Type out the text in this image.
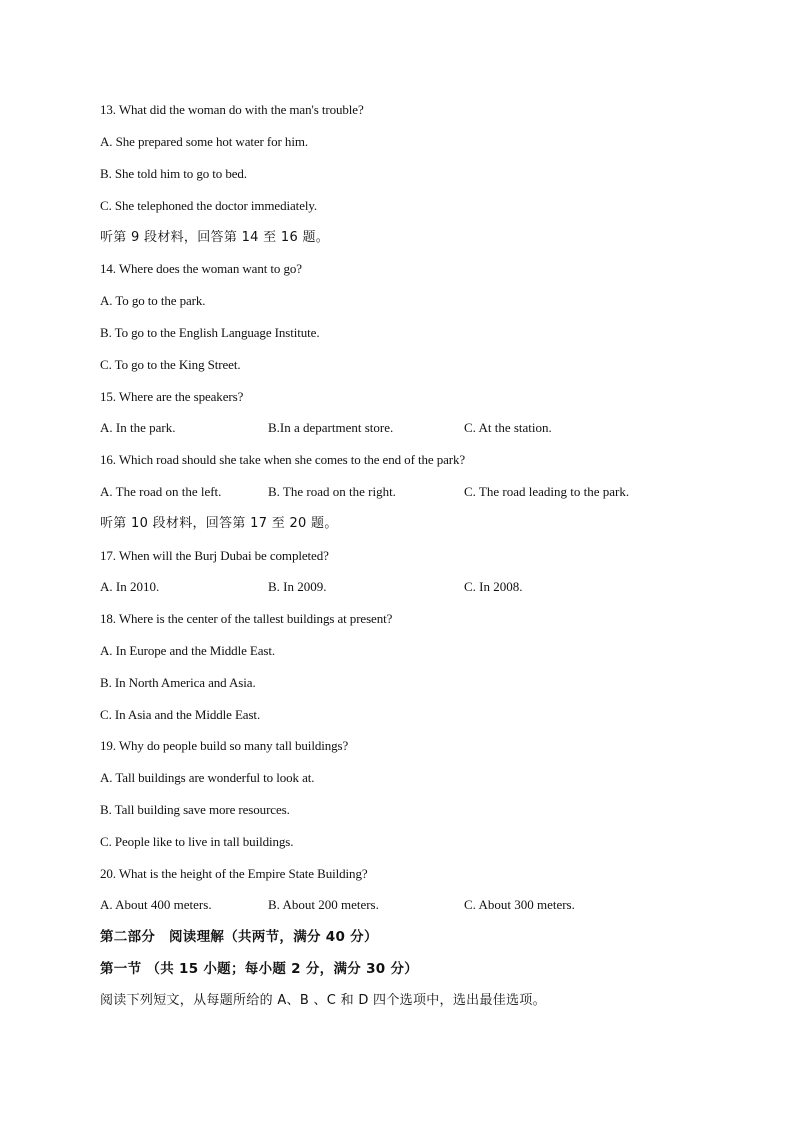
13. What did the woman do with the man's trouble?
A. She prepared some hot water for him.
B. She told him to go to bed.
C. She telephoned the doctor immediately.
听第 9 段材料，回答第 14 至 16 题。
14. Where does the woman want to go?
A. To go to the park.
B. To go to the English Language Institute.
C. To go to the King Street.
15. Where are the speakers?
A. In the park.	B.In a department store.	C. At the station.
16. Which road should she take when she comes to the end of the park?
A. The road on the left.	B. The road on the right.	C. The road leading to the park.
听第 10 段材料，回答第 17 至 20 题。
17. When will the Burj Dubai be completed?
A. In 2010.	B. In 2009.	C. In 2008.
18. Where is the center of the tallest buildings at present?
A. In Europe and the Middle East.
B. In North America and Asia.
C. In Asia and the Middle East.
19. Why do people build so many tall buildings?
A. Tall buildings are wonderful to look at.
B. Tall building save more resources.
C. People like to live in tall buildings.
20. What is the height of the Empire State Building?
A. About 400 meters.	B. About 200 meters.	C. About 300 meters.
第二部分　阅读理解（共两节，满分 40 分）
第一节 （共 15 小题；每小题 2 分，满分 30 分）
阅读下列短文，从每题所给的 A、B 、C 和 D 四个选项中，选出最佳选项。
